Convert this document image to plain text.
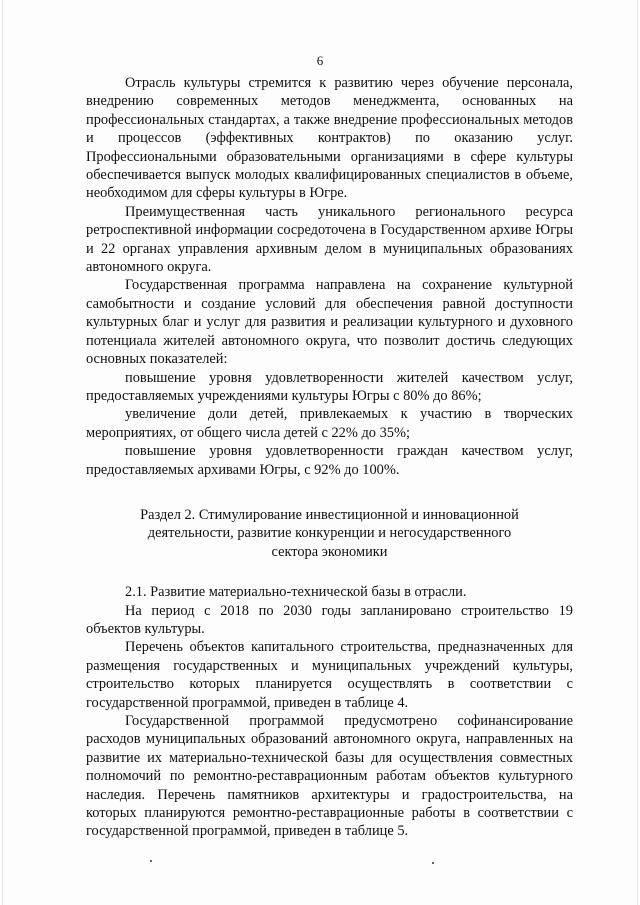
6

Отрасль культуры стремится к развитию через обучение персонала, внедрению современных методов менеджмента, основанных на профессиональных стандартах, а также внедрение профессиональных методов и процессов (эффективных контрактов) по оказанию услуг. Профессиональными образовательными организациями в сфере культуры обеспечивается выпуск молодых квалифицированных специалистов в объеме, необходимом для сферы культуры в Югре.

Преимущественная часть уникального регионального ресурса ретроспективной информации сосредоточена в Государственном архиве Югры и 22 органах управления архивным делом в муниципальных образованиях автономного округа.

Государственная программа направлена на сохранение культурной самобытности и создание условий для обеспечения равной доступности культурных благ и услуг для развития и реализации культурного и духовного потенциала жителей автономного округа, что позволит достичь следующих основных показателей:

повышение уровня удовлетворенности жителей качеством услуг, предоставляемых учреждениями культуры Югры с 80% до 86%;

увеличение доли детей, привлекаемых к участию в творческих мероприятиях, от общего числа детей с 22% до 35%;

повышение уровня удовлетворенности граждан качеством услуг, предоставляемых архивами Югры, с 92% до 100%.

Раздел 2. Стимулирование инвестиционной и инновационной деятельности, развитие конкуренции и негосударственного сектора экономики

2.1. Развитие материально-технической базы в отрасли.

На период с 2018 по 2030 годы запланировано строительство 19 объектов культуры.

Перечень объектов капитального строительства, предназначенных для размещения государственных и муниципальных учреждений культуры, строительство которых планируется осуществлять в соответствии с государственной программой, приведен в таблице 4.

Государственной программой предусмотрено софинансирование расходов муниципальных образований автономного округа, направленных на развитие их материально-технической базы для осуществления совместных полномочий по ремонтно-реставрационным работам объектов культурного наследия. Перечень памятников архитектуры и градостроительства, на которых планируются ремонтно-реставрационные работы в соответствии с государственной программой, приведен в таблице 5.
